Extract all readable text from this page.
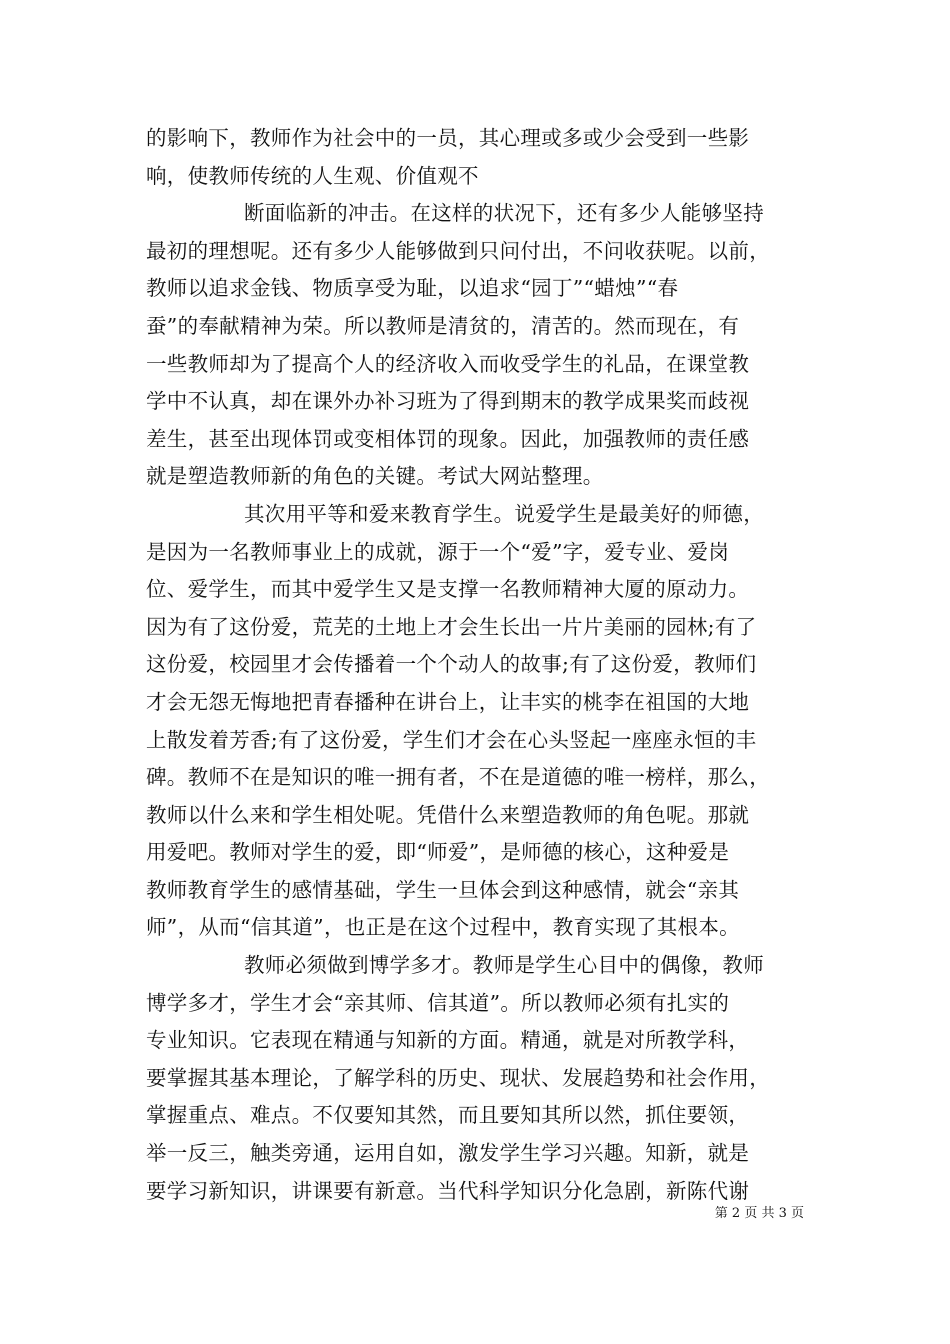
的影响下，教师作为社会中的一员，其心理或多或少会受到一些影
响，使教师传统的人生观、价值观不
断面临新的冲击。在这样的状况下，还有多少人能够坚持
最初的理想呢。还有多少人能够做到只问付出，不问收获呢。以前，
教师以追求金钱、物质享受为耻，以追求“园丁”“蜡烛”“春
蚕”的奉献精神为荣。所以教师是清贫的，清苦的。然而现在，有
一些教师却为了提高个人的经济收入而收受学生的礼品，在课堂教
学中不认真，却在课外办补习班为了得到期末的教学成果奖而歧视
差生，甚至出现体罚或变相体罚的现象。因此，加强教师的责任感
就是塑造教师新的角色的关键。考试大网站整理。
其次用平等和爱来教育学生。说爱学生是最美好的师德，
是因为一名教师事业上的成就，源于一个“爱”字，爱专业、爱岗
位、爱学生，而其中爱学生又是支撑一名教师精神大厦的原动力。
因为有了这份爱，荒芜的土地上才会生长出一片片美丽的园林;有了
这份爱，校园里才会传播着一个个动人的故事;有了这份爱，教师们
才会无怨无悔地把青春播种在讲台上，让丰实的桃李在祖国的大地
上散发着芳香;有了这份爱，学生们才会在心头竖起一座座永恒的丰
碑。教师不在是知识的唯一拥有者，不在是道德的唯一榜样，那么，
教师以什么来和学生相处呢。凭借什么来塑造教师的角色呢。那就
用爱吧。教师对学生的爱，即“师爱”，是师德的核心，这种爱是
教师教育学生的感情基础，学生一旦体会到这种感情，就会“亲其
师”，从而“信其道”，也正是在这个过程中，教育实现了其根本。
教师必须做到博学多才。教师是学生心目中的偶像，教师
博学多才，学生才会“亲其师、信其道”。所以教师必须有扎实的
专业知识。它表现在精通与知新的方面。精通，就是对所教学科，
要掌握其基本理论，了解学科的历史、现状、发展趋势和社会作用，
掌握重点、难点。不仅要知其然，而且要知其所以然，抓住要领，
举一反三，触类旁通，运用自如，激发学生学习兴趣。知新，就是
要学习新知识，讲课要有新意。当代科学知识分化急剧，新陈代谢
第 2 页 共 3 页
